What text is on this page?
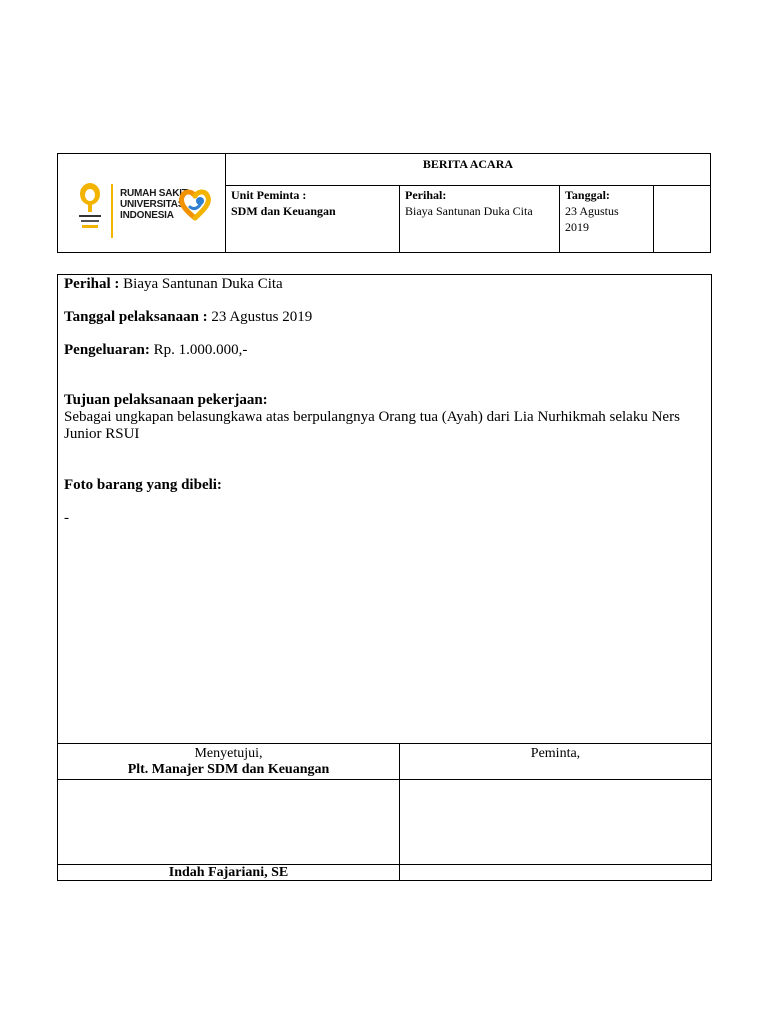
RUMAH SAKIT
UNIVERSITAS
INDONESIA
BERITA ACARA
Unit Peminta :
SDM dan Keuangan
Perihal:
Biaya Santunan Duka Cita
Tanggal:
23 Agustus
2019
Perihal : Biaya Santunan Duka Cita
Tanggal pelaksanaan : 23 Agustus 2019
Pengeluaran: Rp. 1.000.000,-
Tujuan pelaksanaan pekerjaan:
Sebagai ungkapan belasungkawa atas berpulangnya Orang tua (Ayah) dari Lia Nurhikmah selaku Ners Junior RSUI
Foto barang yang dibeli:
-
Menyetujui,
Plt. Manajer SDM dan Keuangan
Peminta,
Indah Fajariani, SE
